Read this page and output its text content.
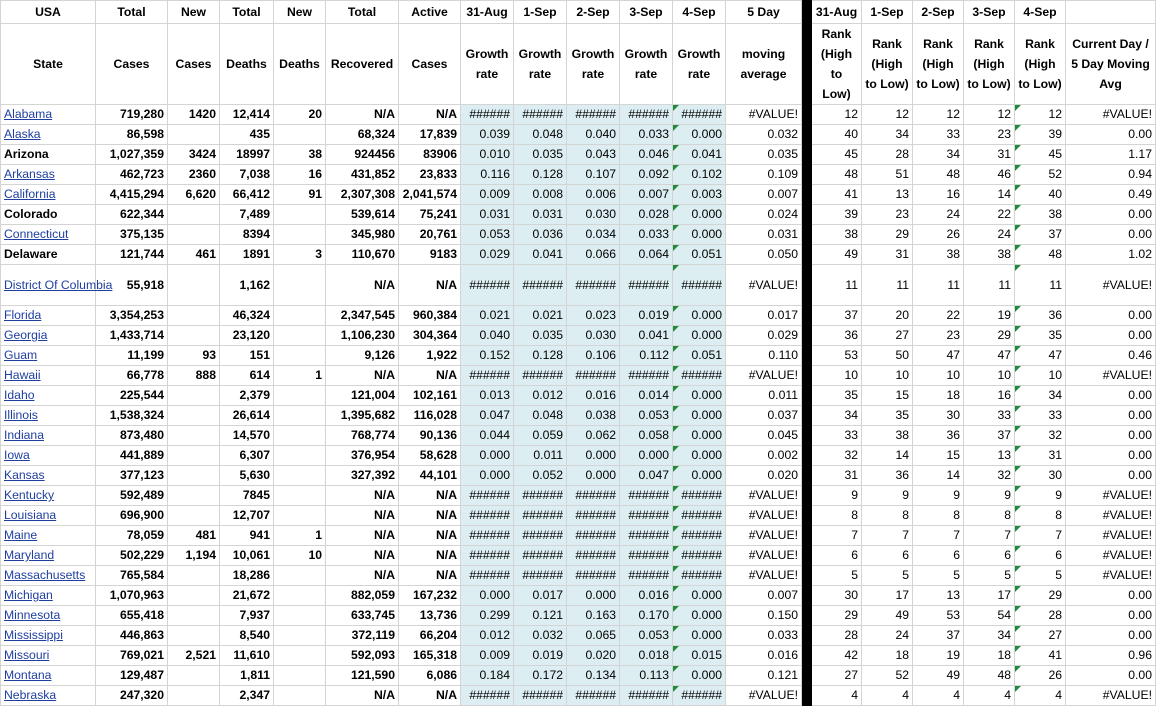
USA	Total	New	Total	New	Total	Active	31-Aug	1-Sep	2-Sep	3-Sep	4-Sep	5 Day		31-Aug	1-Sep	2-Sep	3-Sep	4-Sep	
State	Cases	Cases	Deaths	Deaths	Recovered	Cases	Growth rate	Growth rate	Growth rate	Growth rate	Growth rate	moving average		Rank (High to Low)	Rank (High to Low)	Rank (High to Low)	Rank (High to Low)	Rank (High to Low)	Current Day / 5 Day Moving Avg
Alabama	719,280	1420	12,414	20	N/A	N/A	######	######	######	######	######	#VALUE!		12	12	12	12	12	#VALUE!
Alaska	86,598		435		68,324	17,839	0.039	0.048	0.040	0.033	0.000	0.032		40	34	33	23	39	0.00
Arizona	1,027,359	3424	18997	38	924456	83906	0.010	0.035	0.043	0.046	0.041	0.035		45	28	34	31	45	1.17
Arkansas	462,723	2360	7,038	16	431,852	23,833	0.116	0.128	0.107	0.092	0.102	0.109		48	51	48	46	52	0.94
California	4,415,294	6,620	66,412	91	2,307,308	2,041,574	0.009	0.008	0.006	0.007	0.003	0.007		41	13	16	14	40	0.49
Colorado	622,344		7,489		539,614	75,241	0.031	0.031	0.030	0.028	0.000	0.024		39	23	24	22	38	0.00
Connecticut	375,135		8394		345,980	20,761	0.053	0.036	0.034	0.033	0.000	0.031		38	29	26	24	37	0.00
Delaware	121,744	461	1891	3	110,670	9183	0.029	0.041	0.066	0.064	0.051	0.050		49	31	38	38	48	1.02
District Of Columbia	55,918		1,162		N/A	N/A	######	######	######	######	######	#VALUE!		11	11	11	11	11	#VALUE!
Florida	3,354,253		46,324		2,347,545	960,384	0.021	0.021	0.023	0.019	0.000	0.017		37	20	22	19	36	0.00
Georgia	1,433,714		23,120		1,106,230	304,364	0.040	0.035	0.030	0.041	0.000	0.029		36	27	23	29	35	0.00
Guam	11,199	93	151		9,126	1,922	0.152	0.128	0.106	0.112	0.051	0.110		53	50	47	47	47	0.46
Hawaii	66,778	888	614	1	N/A	N/A	######	######	######	######	######	#VALUE!		10	10	10	10	10	#VALUE!
Idaho	225,544		2,379		121,004	102,161	0.013	0.012	0.016	0.014	0.000	0.011		35	15	18	16	34	0.00
Illinois	1,538,324		26,614		1,395,682	116,028	0.047	0.048	0.038	0.053	0.000	0.037		34	35	30	33	33	0.00
Indiana	873,480		14,570		768,774	90,136	0.044	0.059	0.062	0.058	0.000	0.045		33	38	36	37	32	0.00
Iowa	441,889		6,307		376,954	58,628	0.000	0.011	0.000	0.000	0.000	0.002		32	14	15	13	31	0.00
Kansas	377,123		5,630		327,392	44,101	0.000	0.052	0.000	0.047	0.000	0.020		31	36	14	32	30	0.00
Kentucky	592,489		7845		N/A	N/A	######	######	######	######	######	#VALUE!		9	9	9	9	9	#VALUE!
Louisiana	696,900		12,707		N/A	N/A	######	######	######	######	######	#VALUE!		8	8	8	8	8	#VALUE!
Maine	78,059	481	941	1	N/A	N/A	######	######	######	######	######	#VALUE!		7	7	7	7	7	#VALUE!
Maryland	502,229	1,194	10,061	10	N/A	N/A	######	######	######	######	######	#VALUE!		6	6	6	6	6	#VALUE!
Massachusetts	765,584		18,286		N/A	N/A	######	######	######	######	######	#VALUE!		5	5	5	5	5	#VALUE!
Michigan	1,070,963		21,672		882,059	167,232	0.000	0.017	0.000	0.016	0.000	0.007		30	17	13	17	29	0.00
Minnesota	655,418		7,937		633,745	13,736	0.299	0.121	0.163	0.170	0.000	0.150		29	49	53	54	28	0.00
Mississippi	446,863		8,540		372,119	66,204	0.012	0.032	0.065	0.053	0.000	0.033		28	24	37	34	27	0.00
Missouri	769,021	2,521	11,610		592,093	165,318	0.009	0.019	0.020	0.018	0.015	0.016		42	18	19	18	41	0.96
Montana	129,487		1,811		121,590	6,086	0.184	0.172	0.134	0.113	0.000	0.121		27	52	49	48	26	0.00
Nebraska	247,320		2,347		N/A	N/A	######	######	######	######	######	#VALUE!		4	4	4	4	4	#VALUE!
